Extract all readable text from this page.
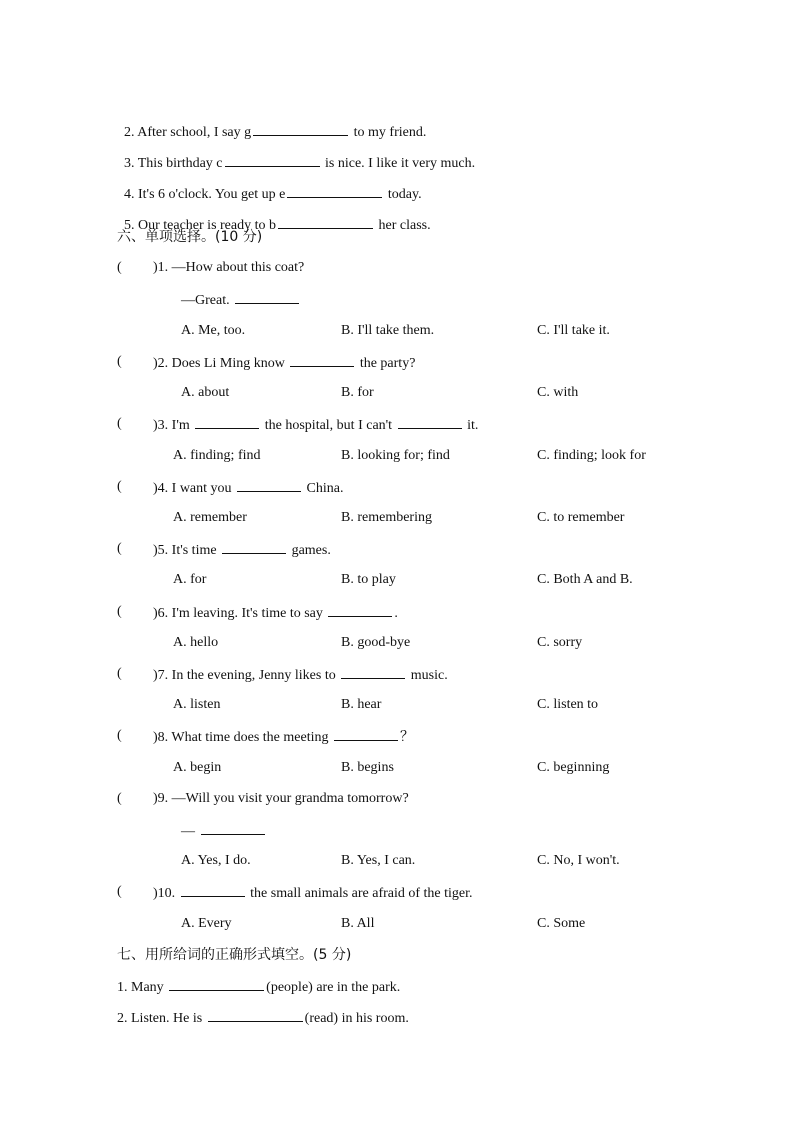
2. After school, I say g	to my friend.

3. This birthday c	is nice. I like it very much.

4. It's 6 o'clock. You get up e	today.

5. Our teacher is ready to b	her class.

六、单项选择。(10 分)
( )1. —How about this coat?
—Great.
A. Me, too.	B. I'll take them.	C. I'll take it.
( )2. Does Li Ming know	the party?
A. about	B. for	C. with
( )3. I'm	the hospital, but I can't	it.
A. finding; find	B. looking for; find	C. finding; look for
( )4. I want you	China.
A. remember	B. remembering	C. to remember
( )5. It's time	games.
A. for	B. to play	C. Both A and B.
( )6. I'm leaving. It's time to say	.
A. hello	B. good-bye	C. sorry
( )7. In the evening, Jenny likes to	music.
A. listen	B. hear	C. listen to
( )8. What time does the meeting	？
A. begin	B. begins	C. beginning
( )9. —Will you visit your grandma tomorrow?
—
A. Yes, I do.	B. Yes, I can.	C. No, I won't.
( )10.	the small animals are afraid of the tiger.
A. Every	B. All	C. Some
七、用所给词的正确形式填空。(5 分)
1. Many	(people) are in the park.
2. Listen. He is	(read) in his room.
